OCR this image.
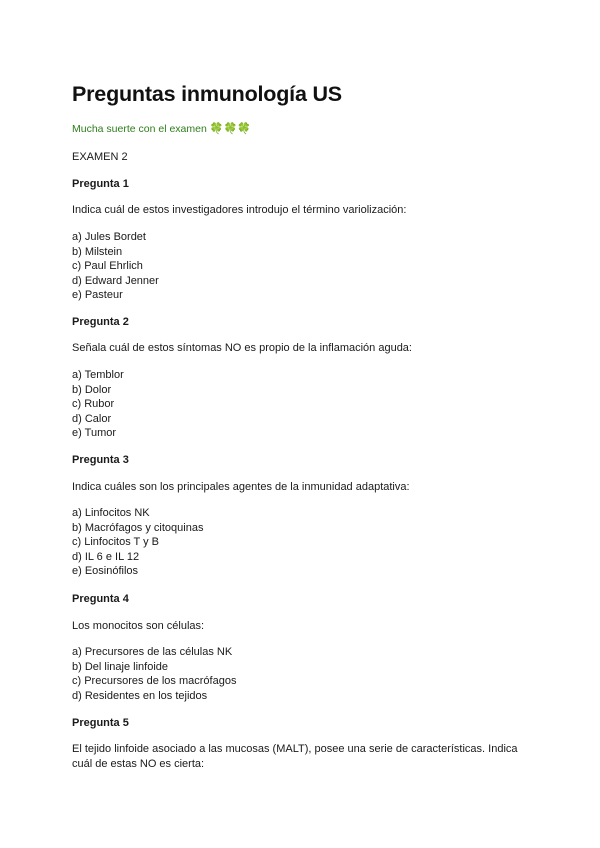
Preguntas inmunología US
Mucha suerte con el examen 🍀🍀🍀
EXAMEN 2
Pregunta 1
Indica cuál de estos investigadores introdujo el término variolización:
a) Jules Bordet
b) Milstein
c) Paul Ehrlich
d) Edward Jenner
e) Pasteur
Pregunta 2
Señala cuál de estos síntomas NO es propio de la inflamación aguda:
a) Temblor
b) Dolor
c) Rubor
d) Calor
e) Tumor
Pregunta 3
Indica cuáles son los principales agentes de la inmunidad adaptativa:
a) Linfocitos NK
b) Macrófagos y citoquinas
c) Linfocitos T y B
d) IL 6 e IL 12
e) Eosinófilos
Pregunta 4
Los monocitos son células:
a) Precursores de las células NK
b) Del linaje linfoide
c) Precursores de los macrófagos
d) Residentes en los tejidos
Pregunta 5
El tejido linfoide asociado a las mucosas (MALT), posee una serie de características. Indica cuál de estas NO es cierta:
